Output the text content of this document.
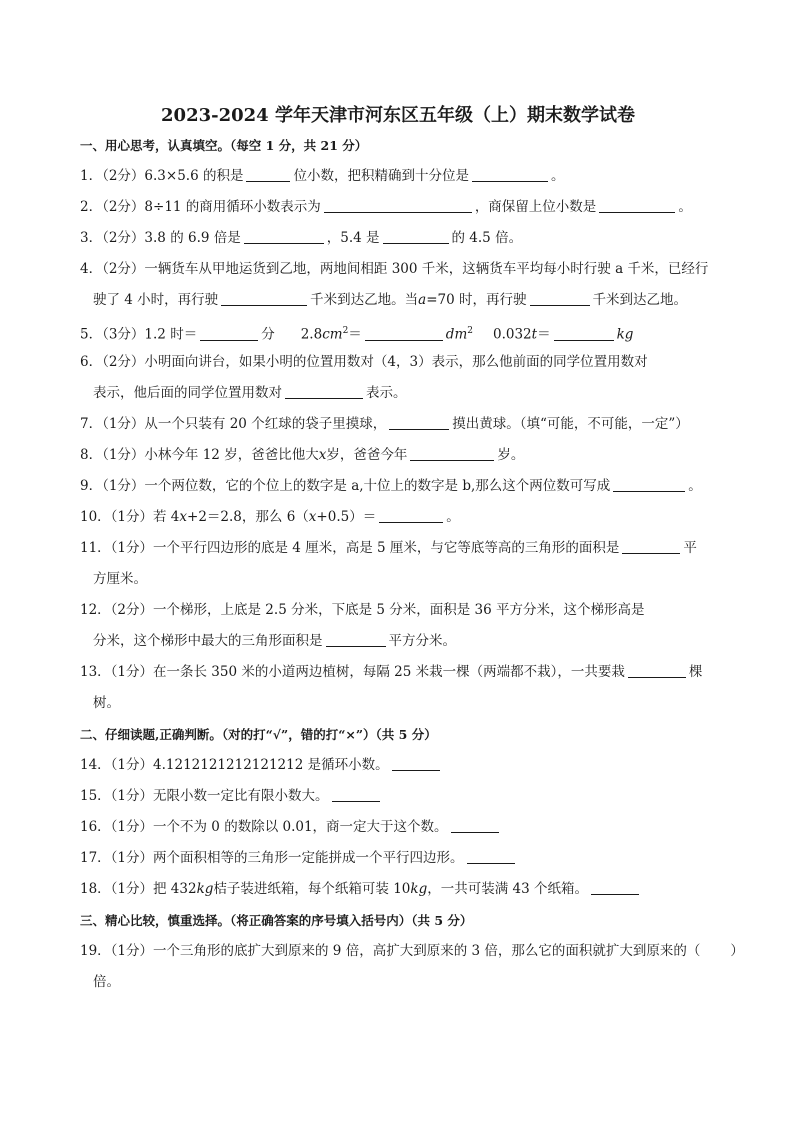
2023-2024 学年天津市河东区五年级（上）期末数学试卷
一、用心思考，认真填空。（每空 1 分，共 21 分）
1．（2分）6.3×5.6 的积是	位小数，把积精确到十分位是	。
2．（2分）8÷11 的商用循环小数表示为	，商保留上位小数是	。
3．（2分）3.8 的 6.9 倍是	，5.4 是	的 4.5 倍。
4．（2分）一辆货车从甲地运货到乙地，两地间相距 300 千米，这辆货车平均每小时行驶 a 千米，已经行
驶了 4 小时，再行驶	千米到达乙地。当a=70 时，再行驶	千米到达乙地。
5．（3分）1.2 时＝	分 $2.8cm^2=$	$dm^2$ 0.032t＝	kg
6．（2分）小明面向讲台，如果小明的位置用数对（4，3）表示，那么他前面的同学位置用数对
表示，他后面的同学位置用数对	表示。
7．（1分）从一个只装有 20 个红球的袋子里摸球，	摸出黄球。（填“可能，不可能，一定”）
8．（1分）小林今年 12 岁，爸爸比他大x岁，爸爸今年	岁。
9．（1分）一个两位数，它的个位上的数字是 a,十位上的数字是 b,那么这个两位数可写成	。
10．（1分）若 4x+2＝2.8，那么 6（x+0.5）＝	。
11．（1分）一个平行四边形的底是 4 厘米，高是 5 厘米，与它等底等高的三角形的面积是	平
方厘米。
12．（2分）一个梯形，上底是 2.5 分米，下底是 5 分米，面积是 36 平方分米，这个梯形高是
分米，这个梯形中最大的三角形面积是	平方分米。
13．（1分）在一条长 350 米的小道两边植树，每隔 25 米栽一棵（两端都不栽），一共要栽	棵
树。
二、仔细读题,正确判断。（对的打“√”，错的打“×”）（共 5 分）
14．（1分）4.1212121212121212 是循环小数。
15．（1分）无限小数一定比有限小数大。
16．（1分）一个不为 0 的数除以 0.01，商一定大于这个数。
17．（1分）两个面积相等的三角形一定能拼成一个平行四边形。
18．（1分）把 432kg桔子装进纸箱，每个纸箱可装 10kg，一共可装满 43 个纸箱。
三、精心比较，慎重选择。（将正确答案的序号填入括号内）（共 5 分）
19．（1分）一个三角形的底扩大到原来的 9 倍，高扩大到原来的 3 倍，那么它的面积就扩大到原来的（ ）
倍。
